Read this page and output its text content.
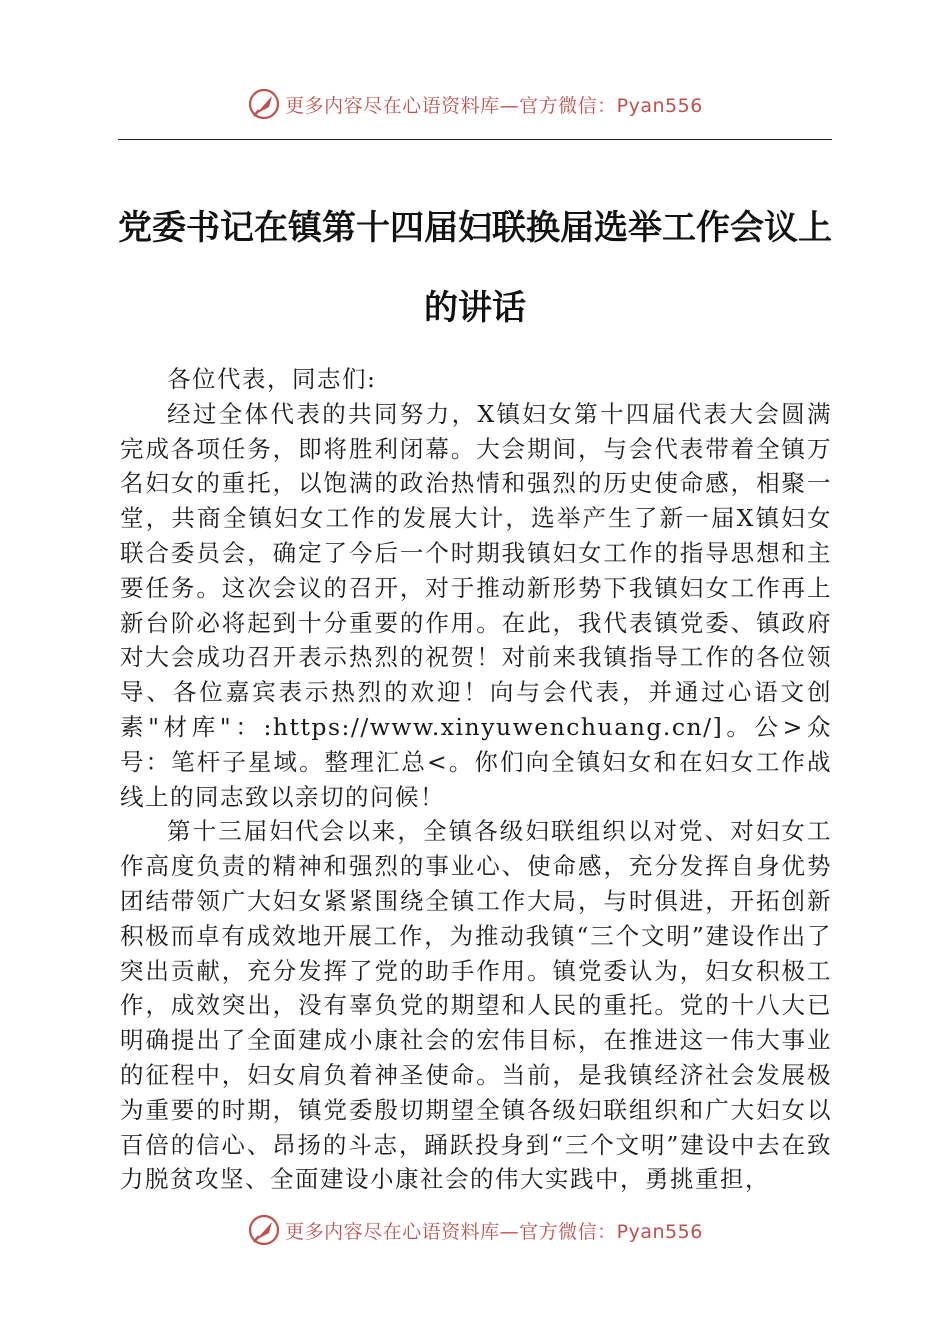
更多内容尽在心语资料库—官方微信：Pyan556
党委书记在镇第十四届妇联换届选举工作会议上的讲话

各位代表，同志们:

经过全体代表的共同努力，X镇妇女第十四届代表大会圆满完成各项任务，即将胜利闭幕。大会期间，与会代表带着全镇万名妇女的重托，以饱满的政治热情和强烈的历史使命感，相聚一堂，共商全镇妇女工作的发展大计，选举产生了新一届X镇妇女联合委员会，确定了今后一个时期我镇妇女工作的指导思想和主要任务。这次会议的召开，对于推动新形势下我镇妇女工作再上新台阶必将起到十分重要的作用。在此，我代表镇党委、镇政府对大会成功召开表示热烈的祝贺！对前来我镇指导工作的各位领导、各位嘉宾表示热烈的欢迎！向与会代表，并通过心语文创素"材库"：:https://www.xinyuwenchuang.cn/]。公>众号：笔杆子星域。整理汇总<。你们向全镇妇女和在妇女工作战线上的同志致以亲切的问候！

第十三届妇代会以来，全镇各级妇联组织以对党、对妇女工作高度负责的精神和强烈的事业心、使命感，充分发挥自身优势团结带领广大妇女紧紧围绕全镇工作大局，与时俱进，开拓创新积极而卓有成效地开展工作，为推动我镇“三个文明”建设作出了突出贡献，充分发挥了党的助手作用。镇党委认为，妇女积极工作，成效突出，没有辜负党的期望和人民的重托。党的十八大已明确提出了全面建成小康社会的宏伟目标，在推进这一伟大事业的征程中，妇女肩负着神圣使命。当前，是我镇经济社会发展极为重要的时期，镇党委殷切期望全镇各级妇联组织和广大妇女以百倍的信心、昂扬的斗志，踊跃投身到“三个文明”建设中去在致力脱贫攻坚、全面建设小康社会的伟大实践中，勇挑重担，

更多内容尽在心语资料库—官方微信：Pyan556
